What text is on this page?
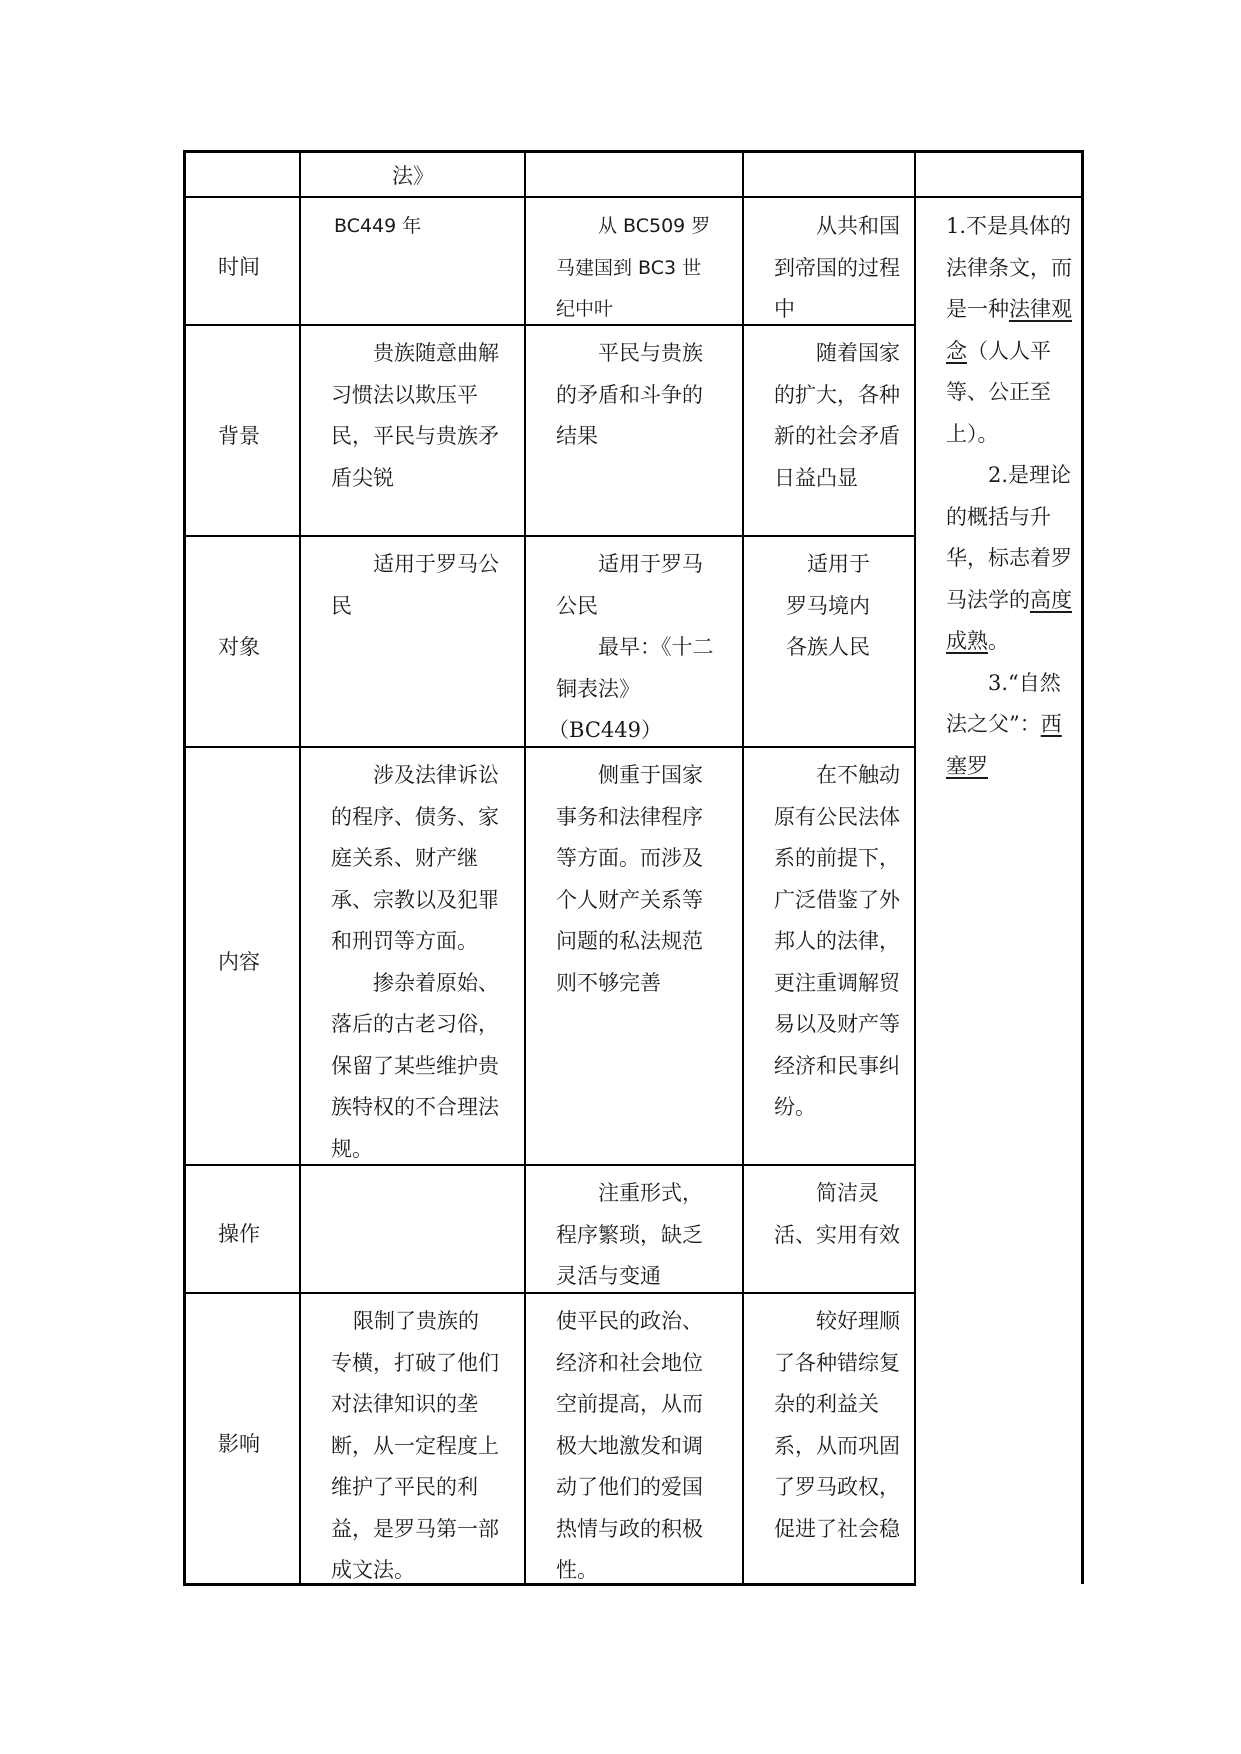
法》
时间
背景
对象
内容
操作
影响

BC449 年	从 BC509 罗马建国到 BC3 世纪中叶

从共和国到帝国的过程中

贵族随意曲解习惯法以欺压平民，平民与贵族矛盾尖锐

平民与贵族的矛盾和斗争的结果

随着国家的扩大，各种新的社会矛盾日益凸显

适用于罗马公民

适用于罗马公民

最早：《十二铜表法》

（BC449）

适用于

罗马境内

各族人民

涉及法律诉讼的程序、债务、家庭关系、财产继承、宗教以及犯罪和刑罚等方面。

掺杂着原始、落后的古老习俗，保留了某些维护贵族特权的不合理法规。

侧重于国家事务和法律程序等方面。而涉及个人财产关系等问题的私法规范则不够完善

在不触动原有公民法体系的前提下，广泛借鉴了外邦人的法律，更注重调解贸易以及财产等经济和民事纠纷。

注重形式，程序繁琐，缺乏灵活与变通

简洁灵活、实用有效

限制了贵族的专横，打破了他们对法律知识的垄断，从一定程度上维护了平民的利益，是罗马第一部成文法。

使平民的政治、经济和社会地位空前提高，从而极大地激发和调动了他们的爱国热情与政的积极性。

较好理顺了各种错综复杂的利益关系，从而巩固了罗马政权，促进了社会稳

1.不是具体的法律条文，而是一种法律观念（人人平等、公正至上）。

2.是理论的概括与升华，标志着罗马法学的高度成熟。

3.“自然法之父”：西塞罗
